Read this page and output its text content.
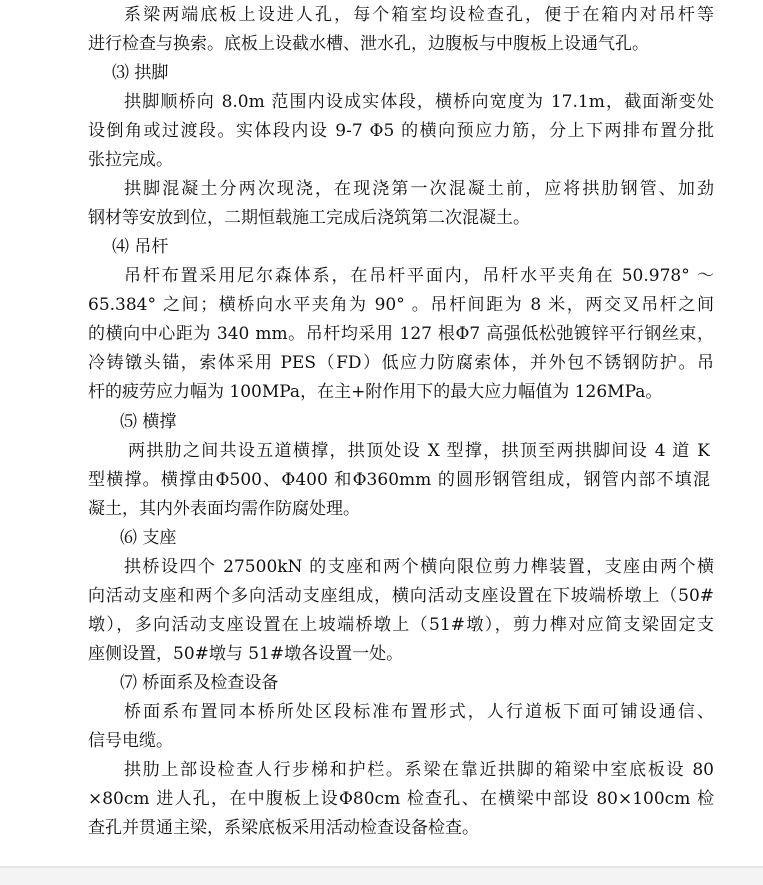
系梁两端底板上设进人孔，每个箱室均设检查孔，便于在箱内对吊杆等
进行检查与换索。底板上设截水槽、泄水孔，边腹板与中腹板上设通气孔。
⑶ 拱脚
拱脚顺桥向 8.0m 范围内设成实体段，横桥向宽度为 17.1m，截面渐变处
设倒角或过渡段。实体段内设 9-7 Φ5 的横向预应力筋，分上下两排布置分批
张拉完成。
拱脚混凝土分两次现浇，在现浇第一次混凝土前，应将拱肋钢管、加劲
钢材等安放到位，二期恒载施工完成后浇筑第二次混凝土。
⑷ 吊杆
吊杆布置采用尼尔森体系，在吊杆平面内，吊杆水平夹角在 50.978° ～
65.384° 之间；横桥向水平夹角为 90° 。吊杆间距为 8 米，两交叉吊杆之间
的横向中心距为 340 mm。吊杆均采用 127 根Φ7 高强低松弛镀锌平行钢丝束，
冷铸镦头锚，索体采用 PES（FD）低应力防腐索体，并外包不锈钢防护。吊
杆的疲劳应力幅为 100MPa，在主+附作用下的最大应力幅值为 126MPa。
⑸ 横撑
两拱肋之间共设五道横撑，拱顶处设 X 型撑，拱顶至两拱脚间设 4 道 K
型横撑。横撑由Φ500、Φ400 和Φ360mm 的圆形钢管组成，钢管内部不填混
凝土，其内外表面均需作防腐处理。
⑹ 支座
拱桥设四个 27500kN 的支座和两个横向限位剪力榫装置，支座由两个横
向活动支座和两个多向活动支座组成，横向活动支座设置在下坡端桥墩上（50#
墩），多向活动支座设置在上坡端桥墩上（51#墩），剪力榫对应简支梁固定支
座侧设置，50#墩与 51#墩各设置一处。
⑺ 桥面系及检查设备
桥面系布置同本桥所处区段标准布置形式，人行道板下面可铺设通信、
信号电缆。
拱肋上部设检查人行步梯和护栏。系梁在靠近拱脚的箱梁中室底板设 80
×80cm 进人孔，在中腹板上设Φ80cm 检查孔、在横梁中部设 80×100cm 检
查孔并贯通主梁，系梁底板采用活动检查设备检查。
